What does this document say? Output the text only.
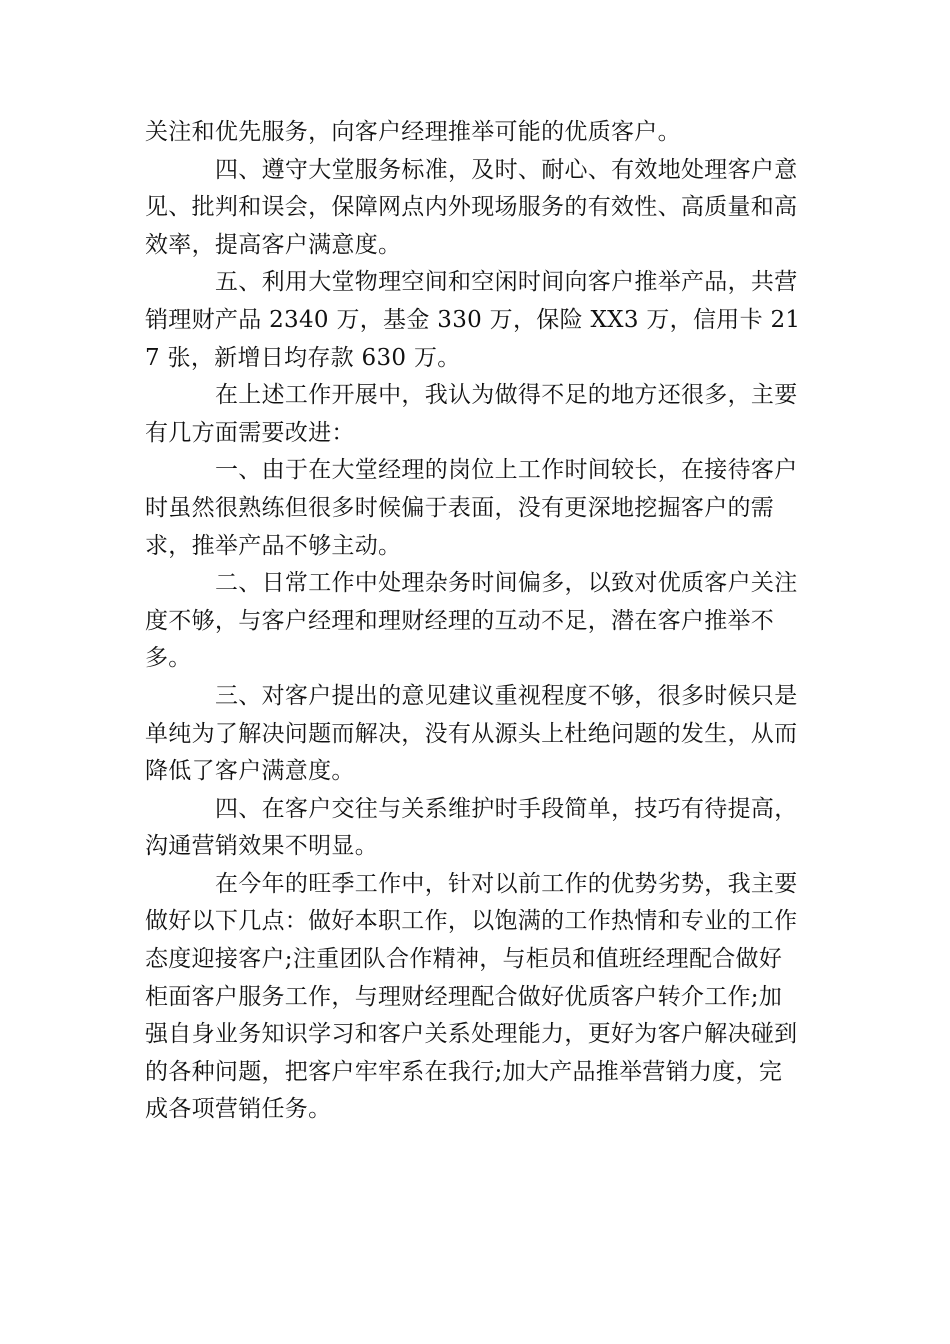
关注和优先服务，向客户经理推举可能的优质客户。

四、遵守大堂服务标准，及时、耐心、有效地处理客户意见、批判和误会，保障网点内外现场服务的有效性、高质量和高效率，提高客户满意度。

五、利用大堂物理空间和空闲时间向客户推举产品，共营销理财产品 2340 万，基金 330 万，保险 XX3 万，信用卡 217 张，新增日均存款 630 万。

在上述工作开展中，我认为做得不足的地方还很多，主要有几方面需要改进：

一、由于在大堂经理的岗位上工作时间较长，在接待客户时虽然很熟练但很多时候偏于表面，没有更深地挖掘客户的需求，推举产品不够主动。

二、日常工作中处理杂务时间偏多，以致对优质客户关注度不够，与客户经理和理财经理的互动不足，潜在客户推举不多。

三、对客户提出的意见建议重视程度不够，很多时候只是单纯为了解决问题而解决，没有从源头上杜绝问题的发生，从而降低了客户满意度。

四、在客户交往与关系维护时手段简单，技巧有待提高，沟通营销效果不明显。

在今年的旺季工作中，针对以前工作的优势劣势，我主要做好以下几点：做好本职工作，以饱满的工作热情和专业的工作态度迎接客户;注重团队合作精神，与柜员和值班经理配合做好柜面客户服务工作，与理财经理配合做好优质客户转介工作;加强自身业务知识学习和客户关系处理能力，更好为客户解决碰到的各种问题，把客户牢牢系在我行;加大产品推举营销力度，完成各项营销任务。
